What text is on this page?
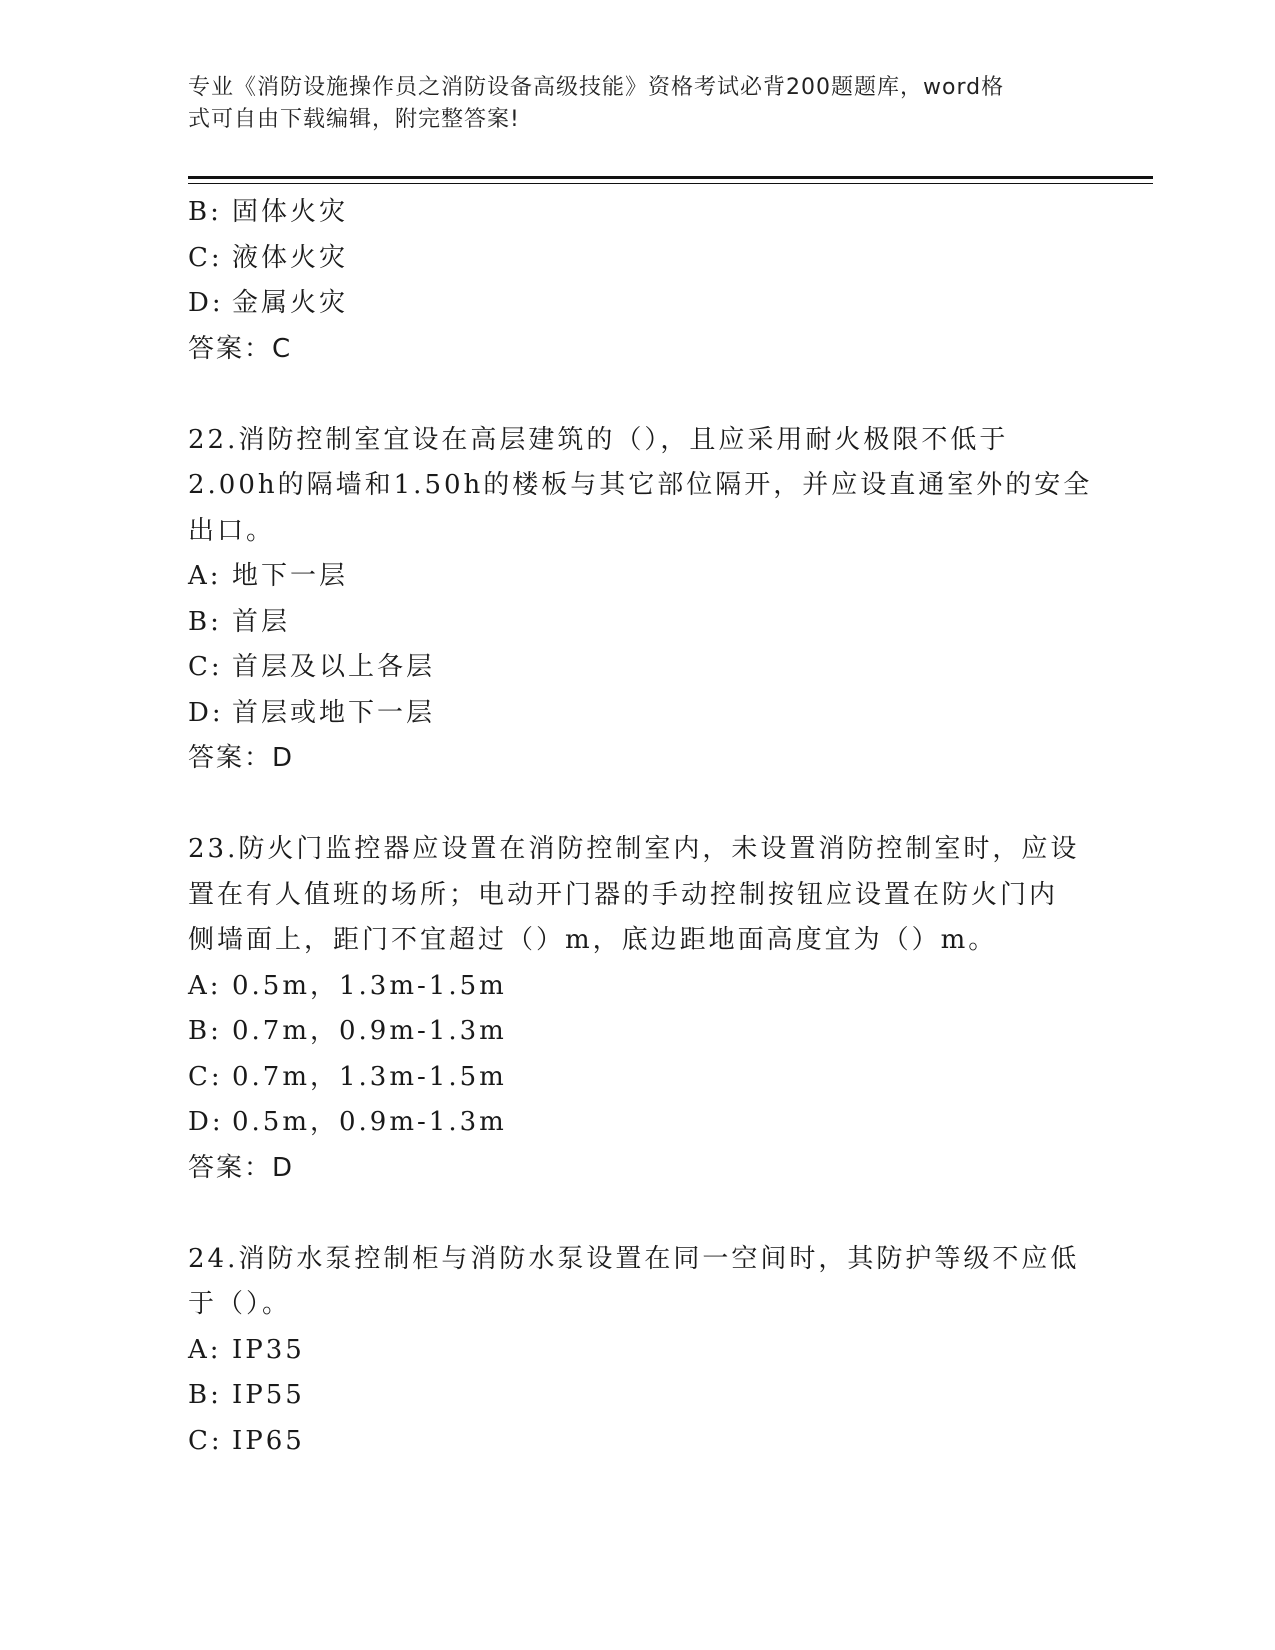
专业《消防设施操作员之消防设备高级技能》资格考试必背200题题库，word格
式可自由下载编辑，附完整答案!
B: 固体火灾
C: 液体火灾
D: 金属火灾
答案：C
22.消防控制室宜设在高层建筑的（），且应采用耐火极限不低于
2.00h的隔墙和1.50h的楼板与其它部位隔开，并应设直通室外的安全
出口。
A: 地下一层
B: 首层
C: 首层及以上各层
D: 首层或地下一层
答案：D
23.防火门监控器应设置在消防控制室内，未设置消防控制室时，应设
置在有人值班的场所；电动开门器的手动控制按钮应设置在防火门内
侧墙面上，距门不宜超过（）m，底边距地面高度宜为（）m。
A: 0.5m，1.3m-1.5m
B: 0.7m，0.9m-1.3m
C: 0.7m，1.3m-1.5m
D: 0.5m，0.9m-1.3m
答案：D
24.消防水泵控制柜与消防水泵设置在同一空间时，其防护等级不应低
于（）。
A: IP35
B: IP55
C: IP65
